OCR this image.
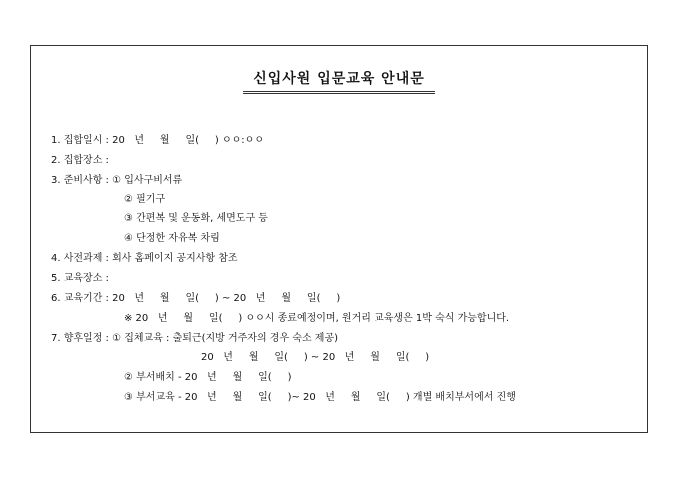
신입사원 입문교육 안내문
1. 집합일시 : 20   년     월     일(     ) ㅇㅇ:ㅇㅇ
2. 집합장소 :
3. 준비사항 : ① 입사구비서류
② 필기구
③ 간편복 및 운동화, 세면도구 등
④ 단정한 자유복 차림
4. 사전과제 : 회사 홈페이지 공지사항 참조
5. 교육장소 :
6. 교육기간 : 20   년     월     일(     ) ~ 20   년     월     일(     )
※ 20   년     월     일(     ) ㅇㅇ시 종료예정이며, 원거리 교육생은 1박 숙식 가능합니다.
7. 향후일정 : ① 집체교육 : 출퇴근(지방 거주자의 경우 숙소 제공)
20   년     월     일(     ) ~ 20   년     월     일(     )
② 부서배치 - 20   년     월     일(     )
③ 부서교육 - 20   년     월     일(     )~ 20   년     월     일(     ) 개별 배치부서에서 진행
